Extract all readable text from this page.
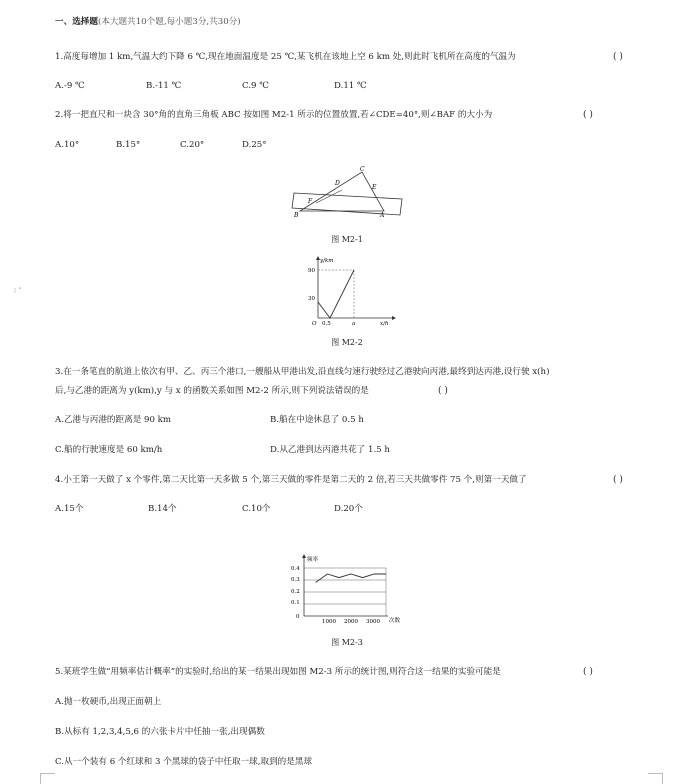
⁞ ˅
一、选择题(本大题共10个题,每小题3分,共30分)
1.高度每增加 1 km,气温大约下降 6 ℃,现在地面温度是 25 ℃,某飞机在该地上空 6 km 处,则此时飞机所在高度的气温为	( )
A.-9 ℃	B.-11 ℃	C.9 ℃	D.11 ℃
2.将一把直尺和一块含 30°角的直角三角板 ABC 按如图 M2-1 所示的位置放置,若∠CDE=40°,则∠BAF 的大小为	( )
A.10°	B.15°	C.20°	D.25°
C
D
E
F
B	A
图 M2-1
y/km
x/h
90
30
O 0.5	a
图 M2-2
3.在一条笔直的航道上依次有甲、乙、丙三个港口,一艘船从甲港出发,沿直线匀速行驶经过乙港驶向丙港,最终到达丙港,设行驶 x(h)
后,与乙港的距离为 y(km),y 与 x 的函数关系如图 M2-2 所示,则下列说法错误的是	( )
A.乙港与丙港的距离是 90 km	B.船在中途休息了 0.5 h
C.船的行驶速度是 60 km/h	D.从乙港到达丙港共花了 1.5 h
4.小王第一天做了 x 个零件,第二天比第一天多做 5 个,第三天做的零件是第二天的 2 倍,若三天共做零件 75 个,则第一天做了	( )
A.15个	B.14个	C.10个	D.20个
频率
次数
0.4
0.3
0.2
0.1
0
1000 2000 3000
图 M2-3
5.某班学生做“用频率估计概率”的实验时,给出的某一结果出现如图 M2-3 所示的统计图,则符合这一结果的实验可能是	( )
A.抛一枚硬币,出现正面朝上
B.从标有 1,2,3,4,5,6 的六张卡片中任抽一张,出现偶数
C.从一个装有 6 个红球和 3 个黑球的袋子中任取一球,取到的是黑球
